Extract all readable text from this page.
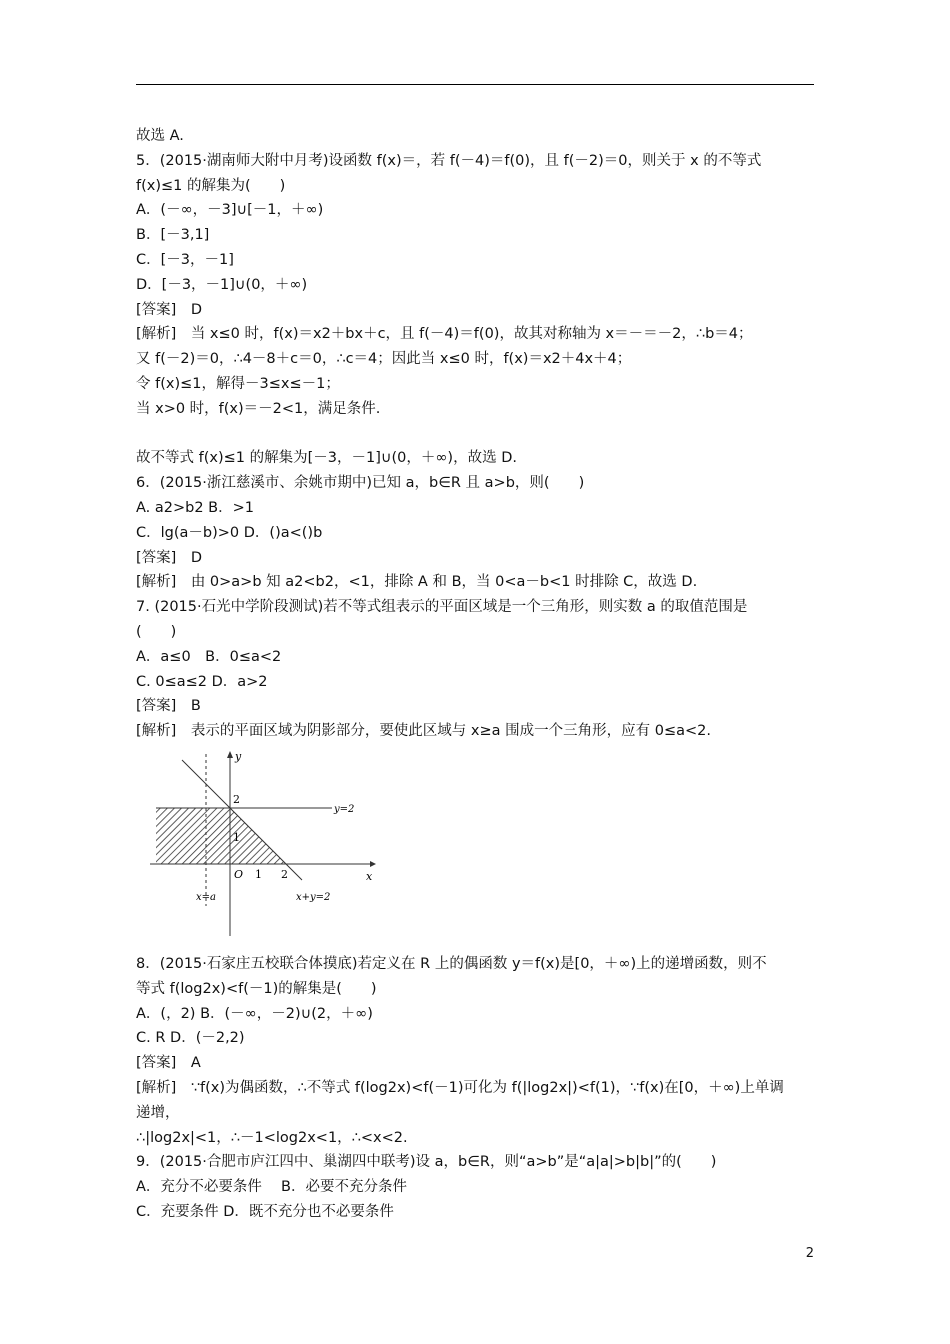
故选 A.
5．(2015·湖南师大附中月考)设函数 f(x)＝，若 f(－4)＝f(0)，且 f(－2)＝0，则关于 x 的不等式
f(x)≤1 的解集为(　　)
A．(－∞，－3]∪[－1，＋∞)
B．[－3,1]
C．[－3，－1]
D．[－3，－1]∪(0，＋∞)
[答案]　D
[解析]　当 x≤0 时，f(x)＝x2＋bx＋c，且 f(－4)＝f(0)，故其对称轴为 x＝－＝－2，∴b＝4；
又 f(－2)＝0，∴4－8＋c＝0，∴c＝4；因此当 x≤0 时，f(x)＝x2＋4x＋4；
令 f(x)≤1，解得－3≤x≤－1；
当 x>0 时，f(x)＝－2<1，满足条件.
故不等式 f(x)≤1 的解集为[－3，－1]∪(0，＋∞)，故选 D.
6．(2015·浙江慈溪市、余姚市期中)已知 a，b∈R 且 a>b，则(　　)
A. a2>b2 B．>1
C．lg(a－b)>0 D．()a<()b
[答案]　D
[解析]　由 0>a>b 知 a2<b2，<1，排除 A 和 B，当 0<a－b<1 时排除 C，故选 D.
7. (2015·石光中学阶段测试)若不等式组表示的平面区域是一个三角形，则实数 a 的取值范围是
(　　)
A．a≤0　B．0≤a<2
C. 0≤a≤2 D．a>2
[答案]　B
[解析]　表示的平面区域为阴影部分，要使此区域与 x≥a 围成一个三角形，应有 0≤a<2.
y
x
O 1 2
1
2
y=2
x=a	x+y=2
8．(2015·石家庄五校联合体摸底)若定义在 R 上的偶函数 y＝f(x)是[0，＋∞)上的递增函数，则不
等式 f(log2x)<f(－1)的解集是(　　)
A．(，2) B．(－∞，－2)∪(2，＋∞)
C. R D．(－2,2)
[答案]　A
[解析]　∵f(x)为偶函数，∴不等式 f(log2x)<f(－1)可化为 f(|log2x|)<f(1)，∵f(x)在[0，＋∞)上单调
递增，
∴|log2x|<1，∴－1<log2x<1，∴<x<2.
9．(2015·合肥市庐江四中、巢湖四中联考)设 a，b∈R，则“a>b”是“a|a|>b|b|”的(　　)
A．充分不必要条件　 B．必要不充分条件
C．充要条件 D．既不充分也不必要条件
2
